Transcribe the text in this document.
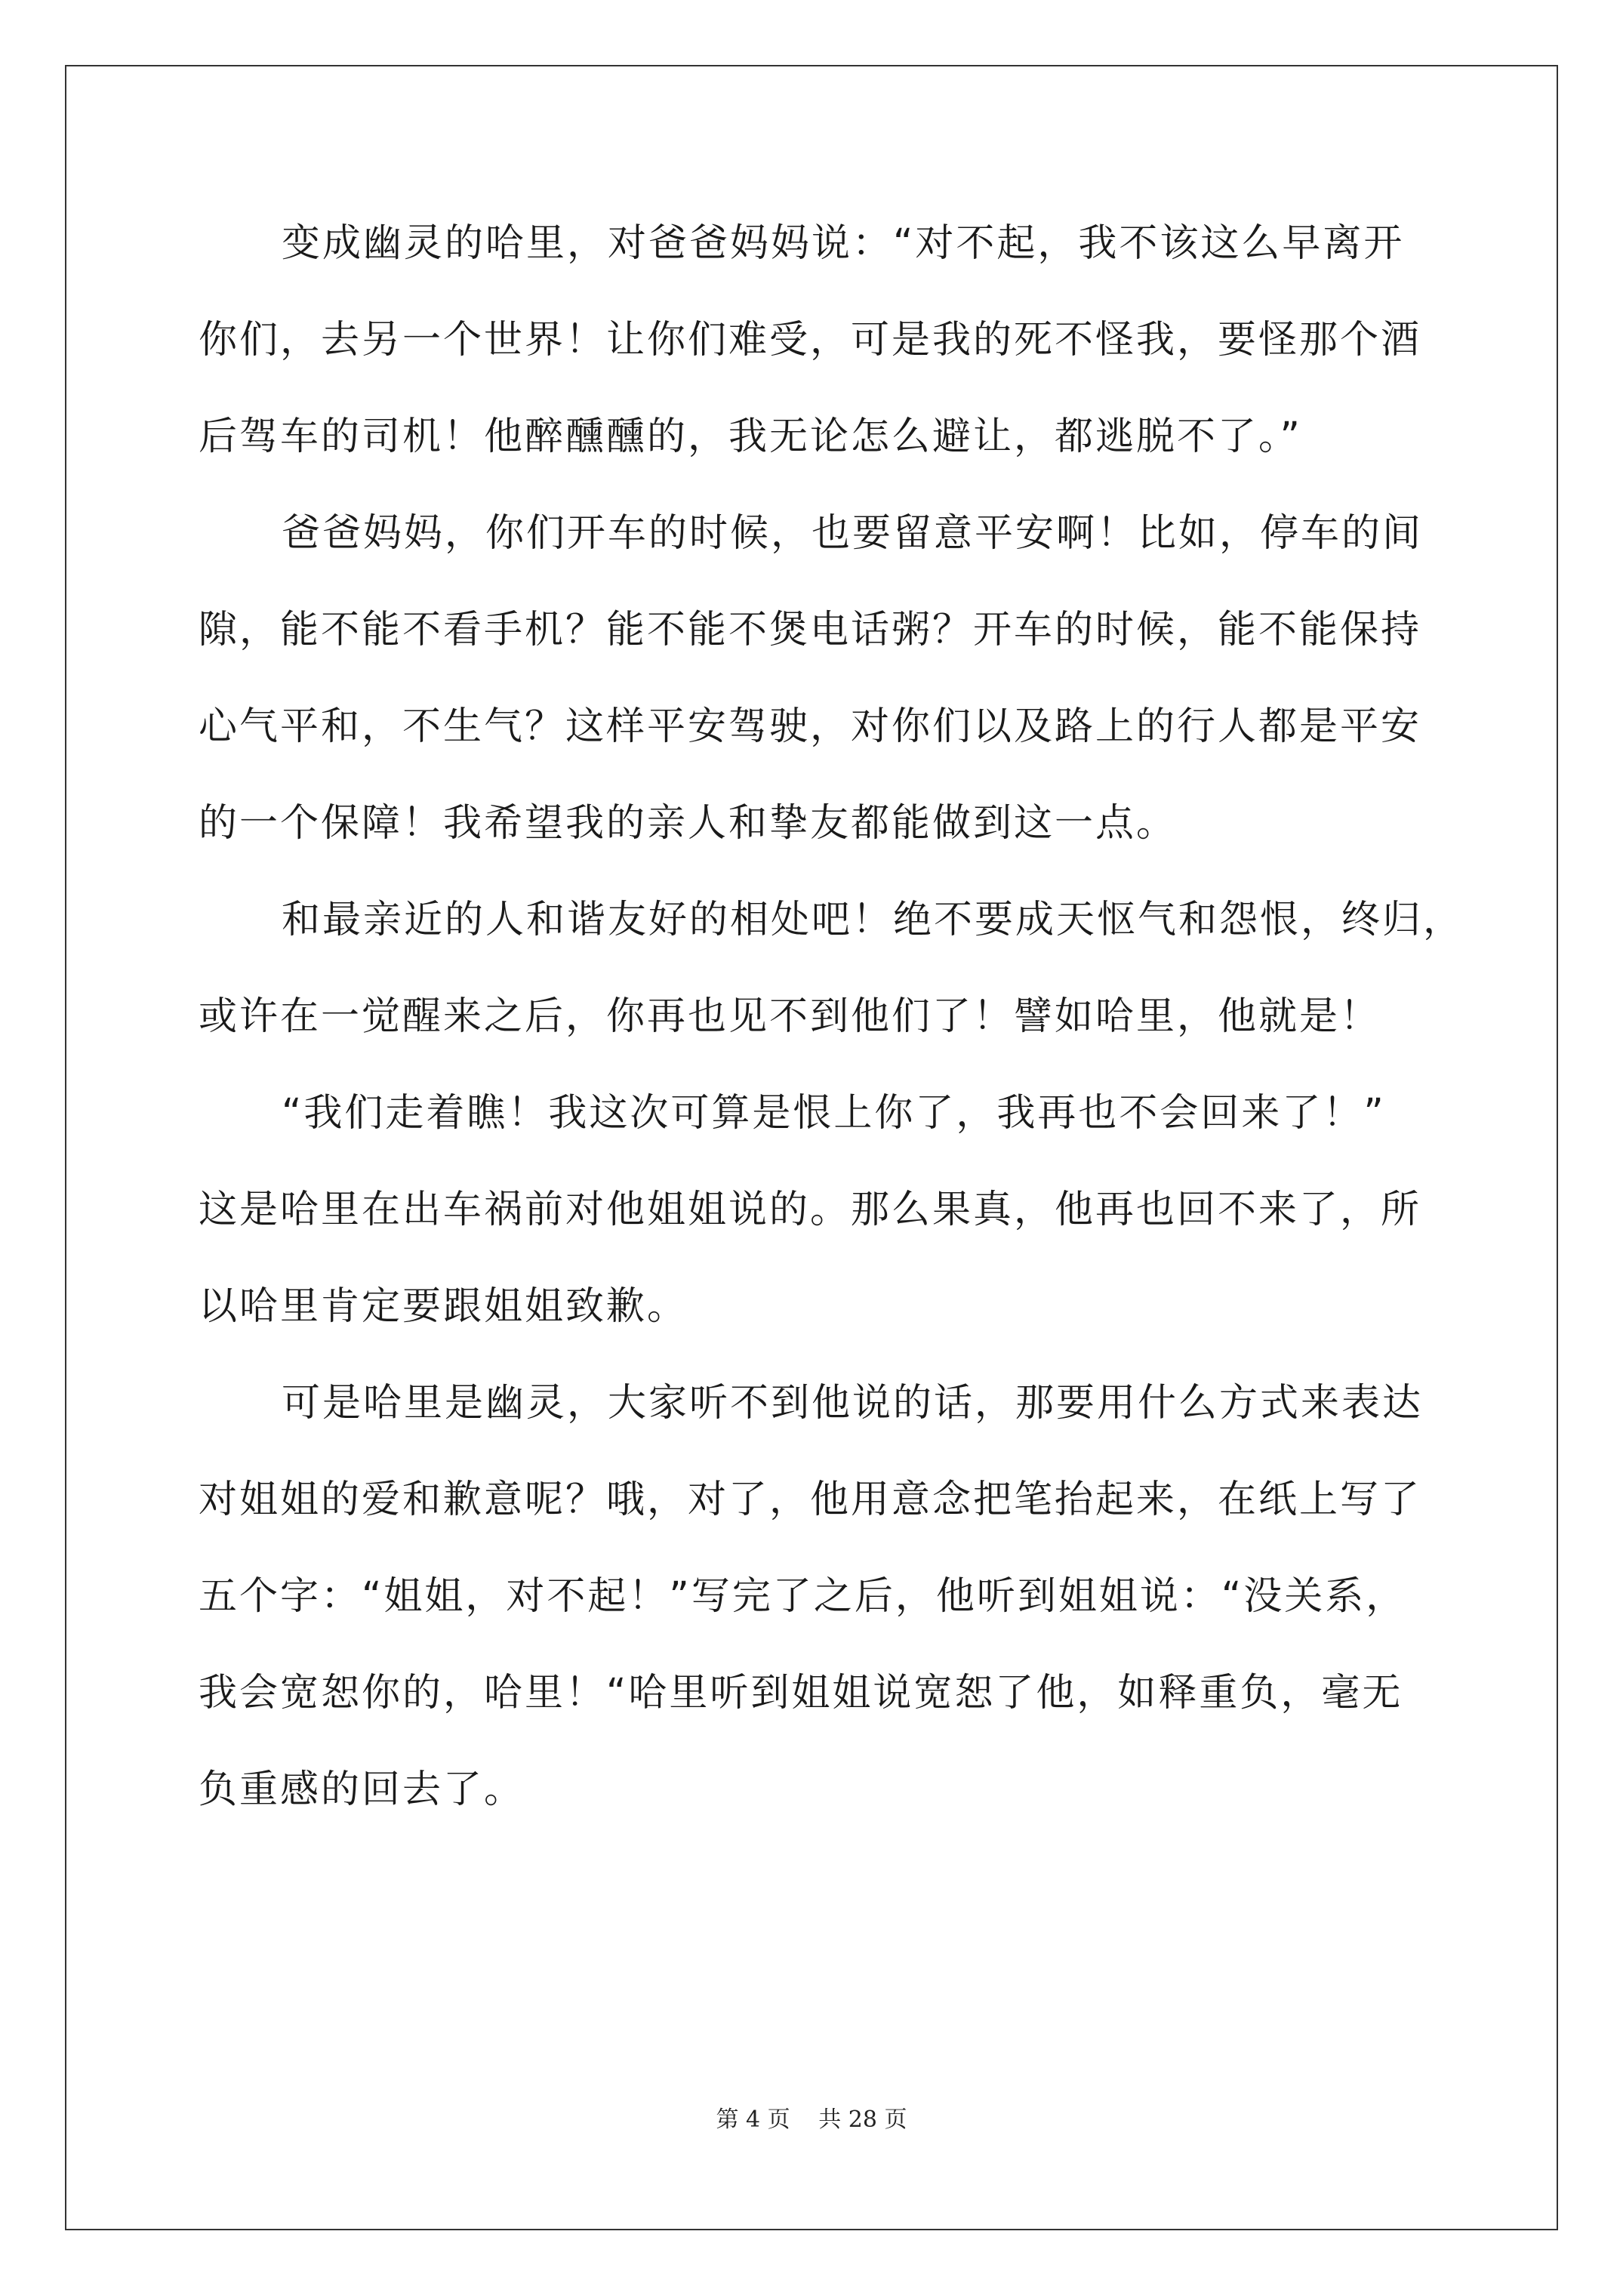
变成幽灵的哈里，对爸爸妈妈说：“对不起，我不该这么早离开
你们，去另一个世界！让你们难受，可是我的死不怪我，要怪那个酒
后驾车的司机！他醉醺醺的，我无论怎么避让，都逃脱不了。”
爸爸妈妈，你们开车的时候，也要留意平安啊！比如，停车的间
隙，能不能不看手机？能不能不煲电话粥？开车的时候，能不能保持
心气平和，不生气？这样平安驾驶，对你们以及路上的行人都是平安
的一个保障！我希望我的亲人和挚友都能做到这一点。
和最亲近的人和谐友好的相处吧！绝不要成天怄气和怨恨，终归，
或许在一觉醒来之后，你再也见不到他们了！譬如哈里，他就是！
“我们走着瞧！我这次可算是恨上你了，我再也不会回来了！”
这是哈里在出车祸前对他姐姐说的。那么果真，他再也回不来了，所
以哈里肯定要跟姐姐致歉。
可是哈里是幽灵，大家听不到他说的话，那要用什么方式来表达
对姐姐的爱和歉意呢？哦，对了，他用意念把笔抬起来，在纸上写了
五个字：“姐姐，对不起！”写完了之后，他听到姐姐说：“没关系，
我会宽恕你的，哈里！“哈里听到姐姐说宽恕了他，如释重负，毫无
负重感的回去了。
第 4 页 共 28 页
